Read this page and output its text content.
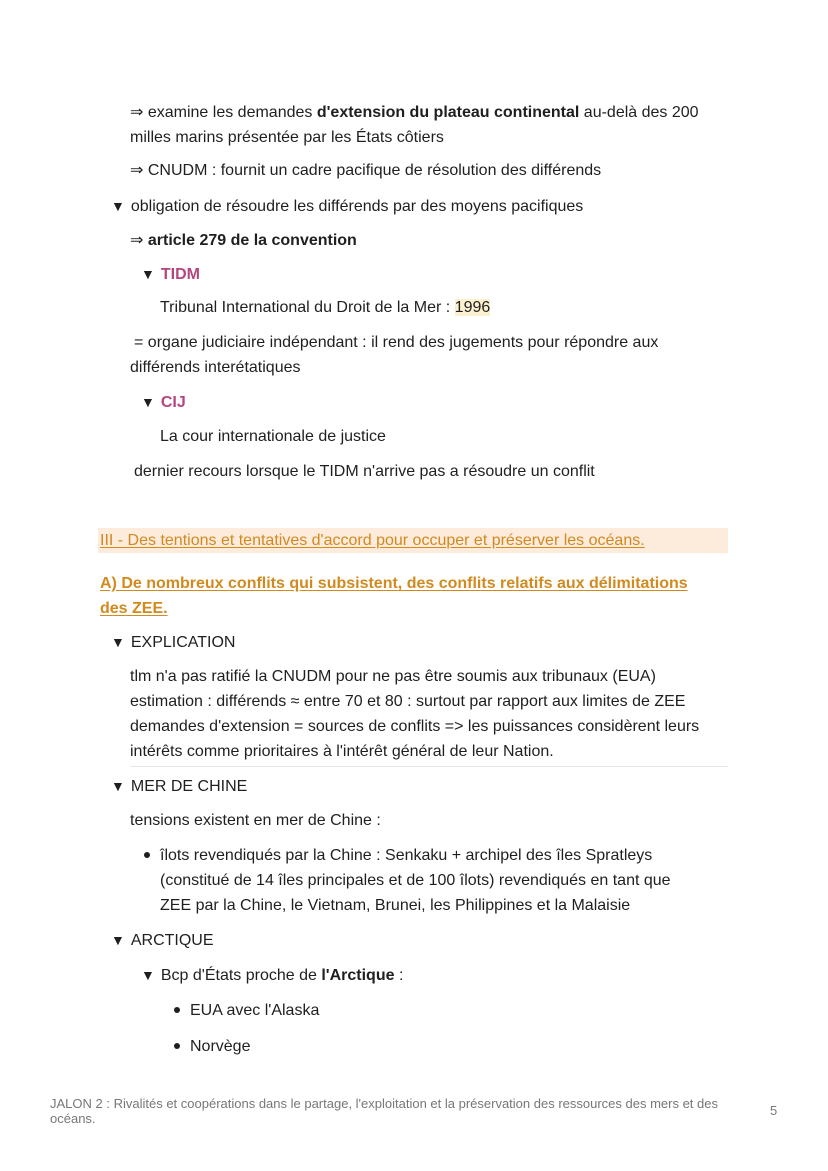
⇒ examine les demandes d'extension du plateau continental au-delà des 200
milles marins présentée par les États côtiers
⇒ CNUDM : fournit un cadre pacifique de résolution des différends
▼ obligation de résoudre les différends par des moyens pacifiques
⇒ article 279 de la convention
▼ TIDM
Tribunal International du Droit de la Mer : 1996
= organe judiciaire indépendant : il rend des jugements pour répondre aux
différends interétatiques
▼ CIJ
La cour internationale de justice
dernier recours lorsque le TIDM n'arrive pas a résoudre un conflit
III - Des tentions et tentatives d'accord pour occuper et préserver les océans.
A) De nombreux conflits qui subsistent, des conflits relatifs aux délimitations
des ZEE.
▼ EXPLICATION
tlm n'a pas ratifié la CNUDM pour ne pas être soumis aux tribunaux (EUA)
estimation : différends ≈ entre 70 et 80 : surtout par rapport aux limites de ZEE
demandes d'extension = sources de conflits => les puissances considèrent leurs
intérêts comme prioritaires à l'intérêt général de leur Nation.
▼ MER DE CHINE
tensions existent en mer de Chine :
îlots revendiqués par la Chine : Senkaku + archipel des îles Spratleys
(constitué de 14 îles principales et de 100 îlots) revendiqués en tant que
ZEE par la Chine, le Vietnam, Brunei, les Philippines et la Malaisie
▼ ARCTIQUE
▼ Bcp d'États proche de l'Arctique :
EUA avec l'Alaska
Norvège
JALON 2 : Rivalités et coopérations dans le partage, l'exploitation et la préservation des ressources des mers et des océans.
5
